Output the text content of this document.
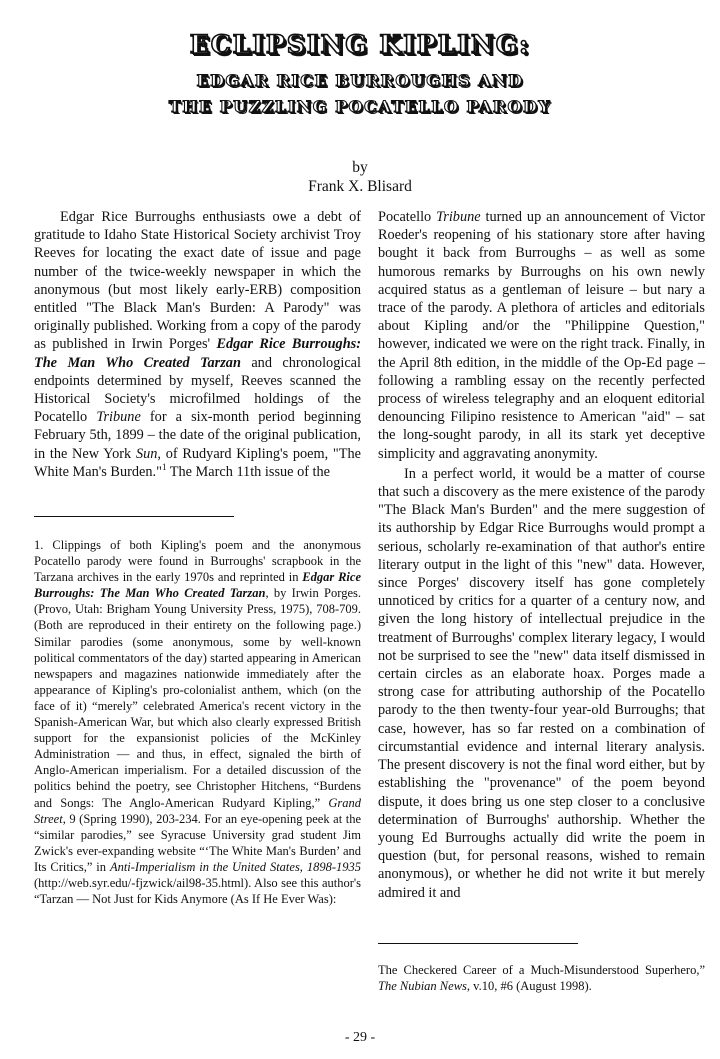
ECLIPSING KIPLING:
EDGAR RICE BURROUGHS AND
THE PUZZLING POCATELLO PARODY
by
Frank X. Blisard

Edgar Rice Burroughs enthusiasts owe a debt of gratitude to Idaho State Historical Society archivist Troy Reeves for locating the exact date of issue and page number of the twice-weekly newspaper in which the anonymous (but most likely early-ERB) composition entitled "The Black Man's Burden: A Parody" was originally published. Working from a copy of the parody as published in Irwin Porges' Edgar Rice Burroughs: The Man Who Created Tarzan and chronological endpoints determined by myself, Reeves scanned the Historical Society's microfilmed holdings of the Pocatello Tribune for a six-month period beginning February 5th, 1899 – the date of the original publication, in the New York Sun, of Rudyard Kipling's poem, "The White Man's Burden."$^1$ The March 11th issue of the

1. Clippings of both Kipling's poem and the anonymous Pocatello parody were found in Burroughs' scrapbook in the Tarzana archives in the early 1970s and reprinted in Edgar Rice Burroughs: The Man Who Created Tarzan, by Irwin Porges. (Provo, Utah: Brigham Young University Press, 1975), 708-709. (Both are reproduced in their entirety on the following page.) Similar parodies (some anonymous, some by well-known political commentators of the day) started appearing in American newspapers and magazines nationwide immediately after the appearance of Kipling's pro-colonialist anthem, which (on the face of it) “merely” celebrated America's recent victory in the Spanish-American War, but which also clearly expressed British support for the expansionist policies of the McKinley Administration — and thus, in effect, signaled the birth of Anglo-American imperialism. For a detailed discussion of the politics behind the poetry, see Christopher Hitchens, “Burdens and Songs: The Anglo-American Rudyard Kipling,” Grand Street, 9 (Spring 1990), 203-234. For an eye-opening peek at the “similar parodies,” see Syracuse University grad student Jim Zwick's ever-expanding website “‘The White Man's Burden’ and Its Critics,” in Anti-Imperialism in the United States, 1898-1935 (http://web.syr.edu/-fjzwick/ail98-35.html). Also see this author's “Tarzan — Not Just for Kids Anymore (As If He Ever Was):

Pocatello Tribune turned up an announcement of Victor Roeder's reopening of his stationary store after having bought it back from Burroughs – as well as some humorous remarks by Burroughs on his own newly acquired status as a gentleman of leisure – but nary a trace of the parody. A plethora of articles and editorials about Kipling and/or the "Philippine Question," however, indicated we were on the right track. Finally, in the April 8th edition, in the middle of the Op-Ed page – following a rambling essay on the recently perfected process of wireless telegraphy and an eloquent editorial denouncing Filipino resistence to American "aid" – sat the long-sought parody, in all its stark yet deceptive simplicity and aggravating anonymity.

In a perfect world, it would be a matter of course that such a discovery as the mere existence of the parody "The Black Man's Burden" and the mere suggestion of its authorship by Edgar Rice Burroughs would prompt a serious, scholarly re-examination of that author's entire literary output in the light of this "new" data. However, since Porges' discovery itself has gone completely unnoticed by critics for a quarter of a century now, and given the long history of intellectual prejudice in the treatment of Burroughs' complex literary legacy, I would not be surprised to see the "new" data itself dismissed in certain circles as an elaborate hoax. Porges made a strong case for attributing authorship of the Pocatello parody to the then twenty-four year-old Burroughs; that case, however, has so far rested on a combination of circumstantial evidence and internal literary analysis. The present discovery is not the final word either, but by establishing the "provenance" of the poem beyond dispute, it does bring us one step closer to a conclusive determination of Burroughs' authorship. Whether the young Ed Burroughs actually did write the poem in question (but, for personal reasons, wished to remain anonymous), or whether he did not write it but merely admired it and

The Checkered Career of a Much-Misunderstood Superhero,” The Nubian News, v.10, #6 (August 1998).

- 29 -
